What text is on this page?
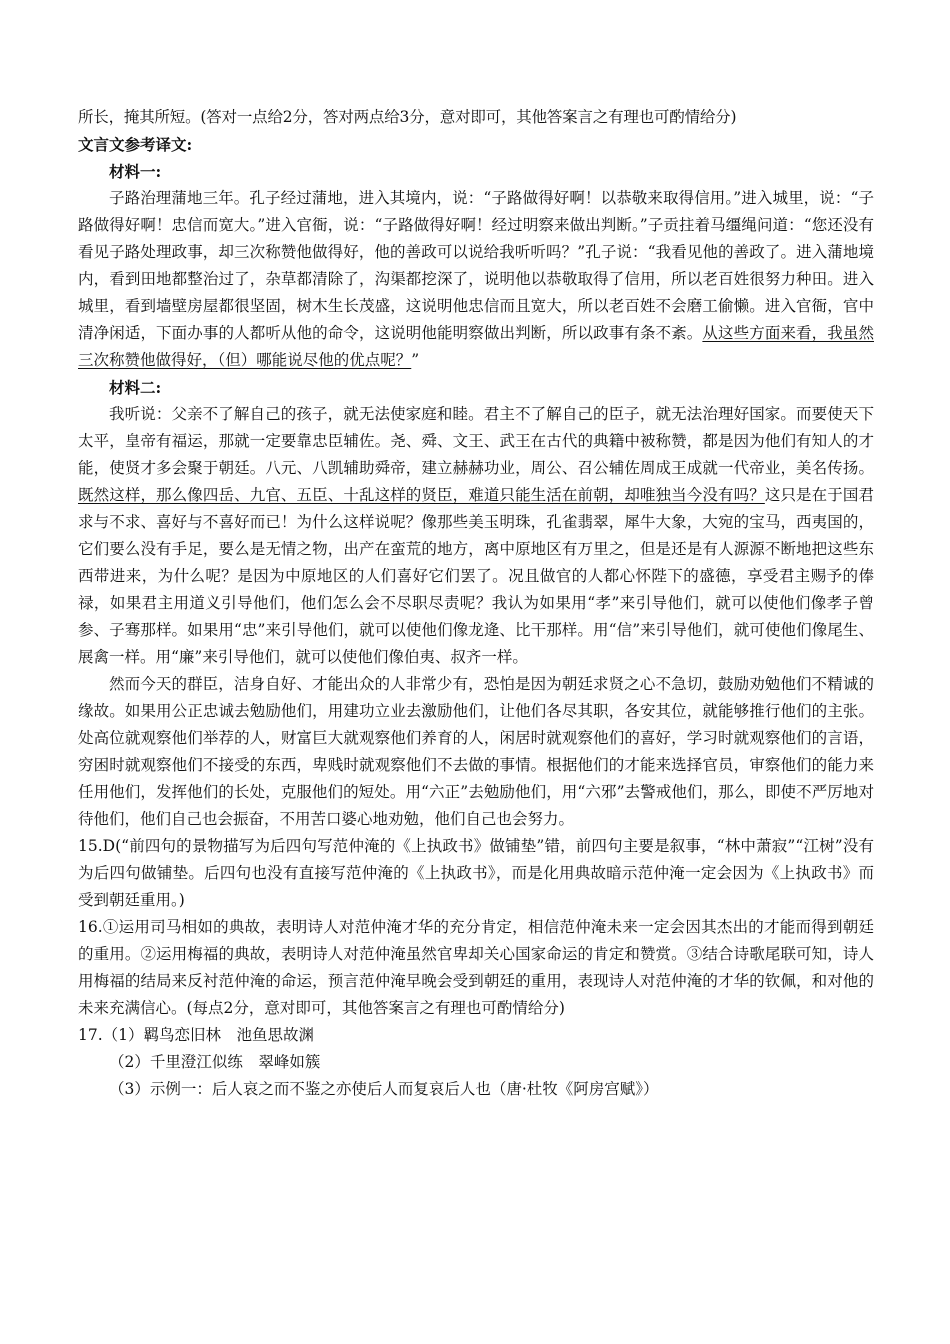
所长，掩其所短。(答对一点给2分，答对两点给3分，意对即可，其他答案言之有理也可酌情给分)
文言文参考译文:
材料一:
子路治理蒲地三年。孔子经过蒲地，进入其境内，说：“子路做得好啊！以恭敬来取得信用。”进入城里，说：“子路做得好啊！忠信而宽大。”进入官衙，说：“子路做得好啊！经过明察来做出判断。”子贡拄着马缰绳问道：“您还没有看见子路处理政事，却三次称赞他做得好，他的善政可以说给我听听吗？”孔子说：“我看见他的善政了。进入蒲地境内，看到田地都整治过了，杂草都清除了，沟渠都挖深了，说明他以恭敬取得了信用，所以老百姓很努力种田。进入城里，看到墙壁房屋都很坚固，树木生长茂盛，这说明他忠信而且宽大，所以老百姓不会磨工偷懒。进入官衙，官中清净闲适，下面办事的人都听从他的命令，这说明他能明察做出判断，所以政事有条不紊。从这些方面来看，我虽然三次称赞他做得好，（但）哪能说尽他的优点呢？”
材料二:
我听说：父亲不了解自己的孩子，就无法使家庭和睦。君主不了解自己的臣子，就无法治理好国家。而要使天下太平，皇帝有福运，那就一定要靠忠臣辅佐。尧、舜、文王、武王在古代的典籍中被称赞，都是因为他们有知人的才能，使贤才多会聚于朝廷。八元、八凯辅助舜帝，建立赫赫功业，周公、召公辅佐周成王成就一代帝业，美名传扬。既然这样，那么像四岳、九官、五臣、十乱这样的贤臣，难道只能生活在前朝，却唯独当今没有吗？这只是在于国君求与不求、喜好与不喜好而已！为什么这样说呢？像那些美玉明珠，孔雀翡翠，犀牛大象，大宛的宝马，西夷国的，它们要么没有手足，要么是无情之物，出产在蛮荒的地方，离中原地区有万里之，但是还是有人源源不断地把这些东西带进来，为什么呢？是因为中原地区的人们喜好它们罢了。况且做官的人都心怀陛下的盛德，享受君主赐予的俸禄，如果君主用道义引导他们，他们怎么会不尽职尽责呢？我认为如果用“孝”来引导他们，就可以使他们像孝子曾参、子骞那样。如果用“忠”来引导他们，就可以使他们像龙逄、比干那样。用“信”来引导他们，就可使他们像尾生、展禽一样。用“廉”来引导他们，就可以使他们像伯夷、叔齐一样。
然而今天的群臣，洁身自好、才能出众的人非常少有，恐怕是因为朝廷求贤之心不急切，鼓励劝勉他们不精诚的缘故。如果用公正忠诚去勉励他们，用建功立业去激励他们，让他们各尽其职，各安其位，就能够推行他们的主张。处高位就观察他们举荐的人，财富巨大就观察他们养育的人，闲居时就观察他们的喜好，学习时就观察他们的言语，穷困时就观察他们不接受的东西，卑贱时就观察他们不去做的事情。根据他们的才能来选择官员，审察他们的能力来任用他们，发挥他们的长处，克服他们的短处。用“六正”去勉励他们，用“六邪”去警戒他们，那么，即使不严厉地对待他们，他们自己也会振奋，不用苦口婆心地劝勉，他们自己也会努力。
15.D(“前四句的景物描写为后四句写范仲淹的《上执政书》做铺垫”错，前四句主要是叙事，“林中萧寂”“江树”没有为后四句做铺垫。后四句也没有直接写范仲淹的《上执政书》，而是化用典故暗示范仲淹一定会因为《上执政书》而受到朝廷重用。)
16.①运用司马相如的典故，表明诗人对范仲淹才华的充分肯定，相信范仲淹未来一定会因其杰出的才能而得到朝廷的重用。②运用梅福的典故，表明诗人对范仲淹虽然官卑却关心国家命运的肯定和赞赏。③结合诗歌尾联可知，诗人用梅福的结局来反衬范仲淹的命运，预言范仲淹早晚会受到朝廷的重用，表现诗人对范仲淹的才华的钦佩，和对他的未来充满信心。(每点2分，意对即可，其他答案言之有理也可酌情给分)
17.（1）羁鸟恋旧林　池鱼思故渊
（2）千里澄江似练　翠峰如簇
（3）示例一：后人哀之而不鉴之亦使后人而复哀后人也（唐·杜牧《阿房宫赋》）
